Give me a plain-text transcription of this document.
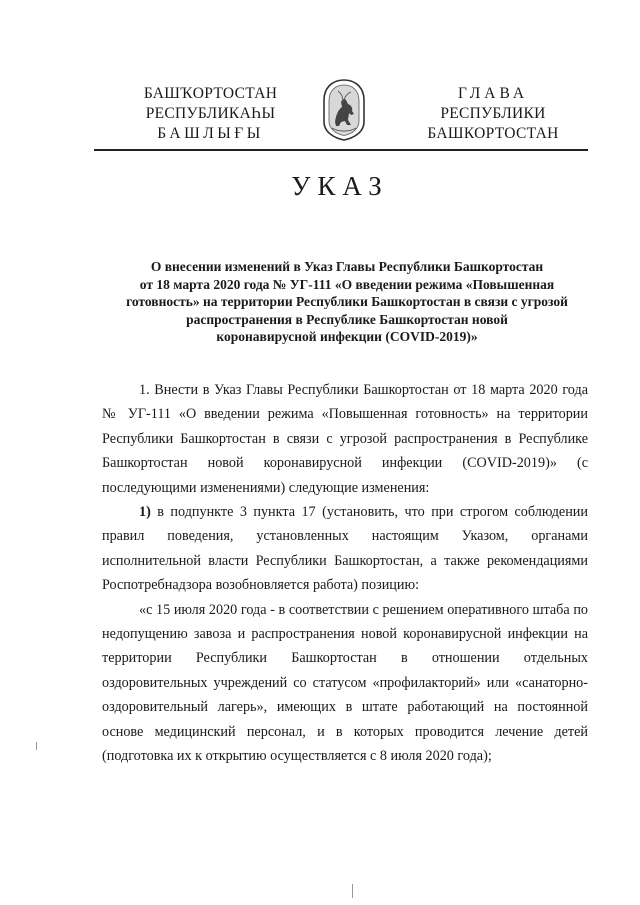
БАШҠОРТОСТАН
РЕСПУБЛИКАҺЫ
БАШЛЫҒЫ
ГЛАВА
РЕСПУБЛИКИ
БАШКОРТОСТАН
УКАЗ
О внесении изменений в Указ Главы Республики Башкортостан
от 18 марта 2020 года № УГ-111 «О введении режима «Повышенная
готовность» на территории Республики Башкортостан в связи с угрозой
распространения в Республике Башкортостан новой
коронавирусной инфекции (COVID-2019)»

1. Внести в Указ Главы Республики Башкортостан от 18 марта 2020 года № УГ-111 «О введении режима «Повышенная готовность» на территории Республики Башкортостан в связи с угрозой распространения в Республике Башкортостан новой коронавирусной инфекции (COVID-2019)» (с последующими изменениями) следующие изменения:

1) в подпункте 3 пункта 17 (установить, что при строгом соблюдении правил поведения, установленных настоящим Указом, органами исполнительной власти Республики Башкортостан, а также рекомендациями Роспотребнадзора возобновляется работа) позицию:

«с 15 июля 2020 года - в соответствии с решением оперативного штаба по недопущению завоза и распространения новой коронавирусной инфекции на территории Республики Башкортостан в отношении отдельных оздоровительных учреждений со статусом «профилакторий» или «санаторно-оздоровительный лагерь», имеющих в штате работающий на постоянной основе медицинский персонал, и в которых проводится лечение детей (подготовка их к открытию осуществляется с 8 июля 2020 года);
